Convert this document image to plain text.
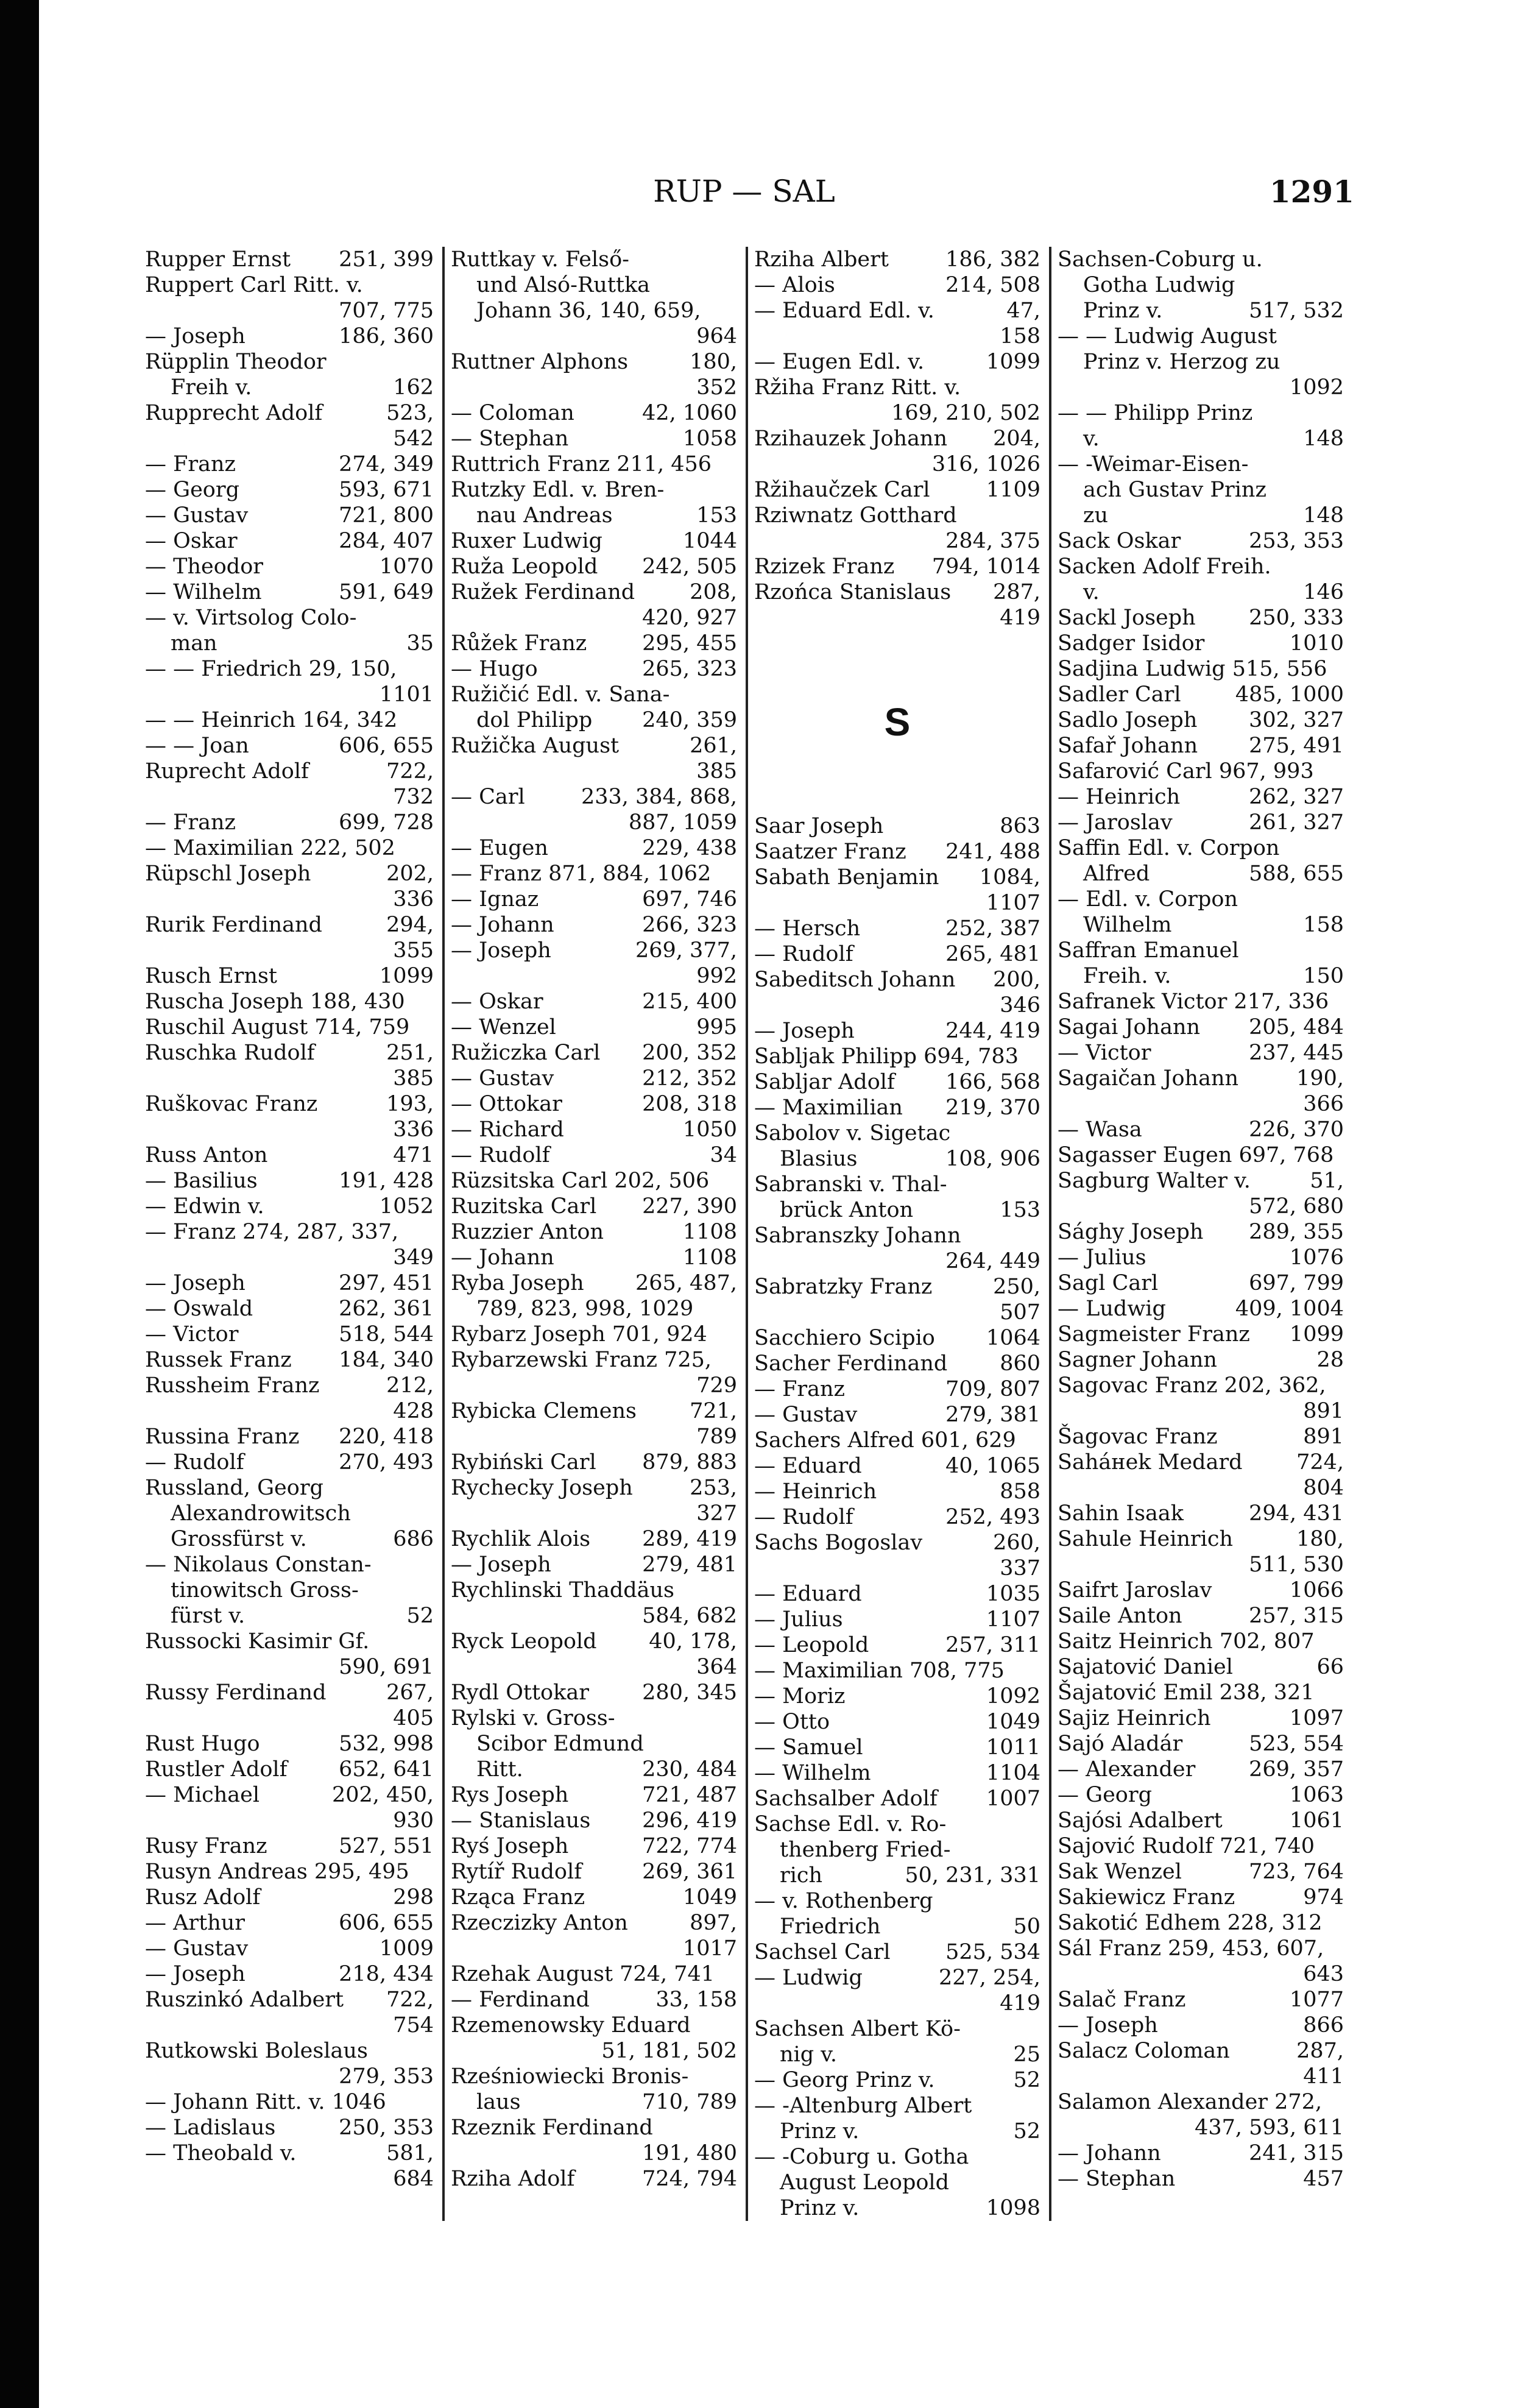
RUP — SAL	1291
Rupper Ernst 251, 399
Ruppert Carl Ritt. v.
707, 775
— Joseph	186, 360
Rüpplin Theodor
Freih v.	162
Rupprecht Adolf	523,
542
— Franz	274, 349
— Georg	593, 671
— Gustav	721, 800
— Oskar	284, 407
— Theodor	1070
— Wilhelm	591, 649
— v. Virtsolog Colo-
man	35
— — Friedrich 29, 150,
1101
— — Heinrich 164, 342
— — Joan	606, 655
Ruprecht Adolf	722,
732
— Franz	699, 728
— Maximilian 222, 502
Rüpschl Joseph	202,
336
Rurik Ferdinand	294,
355
Rusch Ernst	1099
Ruscha Joseph 188, 430
Ruschil August 714, 759
Ruschka Rudolf	251,
385
Ruškovac Franz	193,
336
Russ Anton	471
— Basilius	191, 428
— Edwin v.	1052
— Franz 274, 287, 337,
349
— Joseph	297, 451
— Oswald	262, 361
— Victor	518, 544
Russek Franz 184, 340
Russheim Franz	212,
428
Russina Franz 220, 418
— Rudolf	270, 493
Russland, Georg
Alexandrowitsch
Grossfürst v.	686
— Nikolaus Constan-
tinowitsch Gross-
fürst v.	52
Russocki Kasimir Gf.
590, 691
Russy Ferdinand	267,
405
Rust Hugo	532, 998
Rustler Adolf 652, 641
— Michael	202, 450,
930
Rusy Franz	527, 551
Rusyn Andreas 295, 495
Rusz Adolf	298
— Arthur	606, 655
— Gustav	1009
— Joseph	218, 434
Ruszinkó Adalbert 722,
754
Rutkowski Boleslaus
279, 353
— Johann Ritt. v. 1046
— Ladislaus	250, 353
— Theobald v.	581,
684
Ruttkay v. Felső-
und Alsó-Ruttka
Johann 36, 140, 659,
964
Ruttner Alphons	180,
352
— Coloman	42, 1060
— Stephan	1058
Ruttrich Franz 211, 456
Rutzky Edl. v. Bren-
nau Andreas	153
Ruxer Ludwig	1044
Ruža Leopold 242, 505
Ružek Ferdinand	208,
420, 927
Růžek Franz	295, 455
— Hugo	265, 323
Ružičić Edl. v. Sana-
dol Philipp 240, 359
Ružička August	261,
385
— Carl	233, 384, 868,
887, 1059
— Eugen	229, 438
— Franz 871, 884, 1062
— Ignaz	697, 746
— Johann	266, 323
— Joseph	269, 377,
992
— Oskar	215, 400
— Wenzel	995
Ružiczka Carl 200, 352
— Gustav	212, 352
— Ottokar	208, 318
— Richard	1050
— Rudolf	34
Rüzsitska Carl 202, 506
Ruzitska Carl 227, 390
Ruzzier Anton	1108
— Johann	1108
Ryba Joseph 265, 487,
789, 823, 998, 1029
Rybarz Joseph 701, 924
Rybarzewski Franz 725,
729
Rybicka Clemens 721,
789
Rybiński Carl 879, 883
Rychecky Joseph	253,
327
Rychlik Alois 289, 419
— Joseph	279, 481
Rychlinski Thaddäus
584, 682
Ryck Leopold 40, 178,
364
Rydl Ottokar 280, 345
Rylski v. Gross-
Scibor Edmund
Ritt.	230, 484
Rys Joseph	721, 487
— Stanislaus 296, 419
Ryś Joseph	722, 774
Rytíř Rudolf	269, 361
Rząca Franz	1049
Rzeczizky Anton	897,
1017
Rzehak August 724, 741
— Ferdinand	33, 158
Rzemenowsky Eduard
51, 181, 502
Rześniowiecki Bronis-
laus	710, 789
Rzeznik Ferdinand
191, 480
Rziha Adolf	724, 794
Rziha Albert	186, 382
— Alois	214, 508
— Eduard Edl. v.	47,
158
— Eugen Edl. v.	1099
Ržiha Franz Ritt. v.
169, 210, 502
Rzihauzek Johann 204,
316, 1026
Ržihaučzek Carl	1109
Rziwnatz Gotthard
284, 375
Rzizek Franz 794, 1014
Rzońca Stanislaus 287,
419
S
Saar Joseph	863
Saatzer Franz 241, 488
Sabath Benjamin 1084,
1107
— Hersch	252, 387
— Rudolf	265, 481
Sabeditsch Johann 200,
346
— Joseph	244, 419
Sabljak Philipp 694, 783
Sabljar Adolf 166, 568
— Maximilian 219, 370
Sabolov v. Sigetac
Blasius	108, 906
Sabranski v. Thal-
brück Anton	153
Sabranszky Johann
264, 449
Sabratzky Franz	250,
507
Sacchiero Scipio 1064
Sacher Ferdinand 860
— Franz	709, 807
— Gustav	279, 381
Sachers Alfred 601, 629
— Eduard	40, 1065
— Heinrich	858
— Rudolf	252, 493
Sachs Bogoslav	260,
337
— Eduard	1035
— Julius	1107
— Leopold	257, 311
— Maximilian 708, 775
— Moriz	1092
— Otto	1049
— Samuel	1011
— Wilhelm	1104
Sachsalber Adolf 1007
Sachse Edl. v. Ro-
thenberg Fried-
rich	50, 231, 331
— v. Rothenberg
Friedrich	50
Sachsel Carl	525, 534
— Ludwig	227, 254,
419
Sachsen Albert Kö-
nig v.	25
— Georg Prinz v.	52
— -Altenburg Albert
Prinz v.	52
— -Coburg u. Gotha
August Leopold
Prinz v.	1098
Sachsen-Coburg u.
Gotha Ludwig
Prinz v.	517, 532
— — Ludwig August
Prinz v. Herzog zu
1092
— — Philipp Prinz
v.	148
— -Weimar-Eisen-
ach Gustav Prinz
zu	148
Sack Oskar	253, 353
Sacken Adolf Freih.
v.	146
Sackl Joseph 250, 333
Sadger Isidor	1010
Sadjina Ludwig 515, 556
Sadler Carl	485, 1000
Sadlo Joseph 302, 327
Safař Johann 275, 491
Safarović Carl 967, 993
— Heinrich	262, 327
— Jaroslav	261, 327
Saffin Edl. v. Corpon
Alfred	588, 655
— Edl. v. Corpon
Wilhelm	158
Saffran Emanuel
Freih. v.	150
Safranek Victor 217, 336
Sagai Johann 205, 484
— Victor	237, 445
Sagaičan Johann	190,
366
— Wasa	226, 370
Sagasser Eugen 697, 768
Sagburg Walter v.	51,
572, 680
Sághy Joseph 289, 355
— Julius	1076
Sagl Carl	697, 799
— Ludwig	409, 1004
Sagmeister Franz 1099
Sagner Johann	28
Sagovac Franz 202, 362,
891
Šagovac Franz	891
Saháнek Medard	724,
804
Sahin Isaak	294, 431
Sahule Heinrich	180,
511, 530
Saifrt Jaroslav	1066
Saile Anton	257, 315
Saitz Heinrich 702, 807
Sajatović Daniel	66
Šajatović Emil 238, 321
Sajiz Heinrich	1097
Sajó Aladár	523, 554
— Alexander	269, 357
— Georg	1063
Sajósi Adalbert	1061
Sajović Rudolf 721, 740
Sak Wenzel	723, 764
Sakiewicz Franz	974
Sakotić Edhem 228, 312
Sál Franz 259, 453, 607,
643
Salač Franz	1077
— Joseph	866
Salacz Coloman	287,
411
Salamon Alexander 272,
437, 593, 611
— Johann	241, 315
— Stephan	457
